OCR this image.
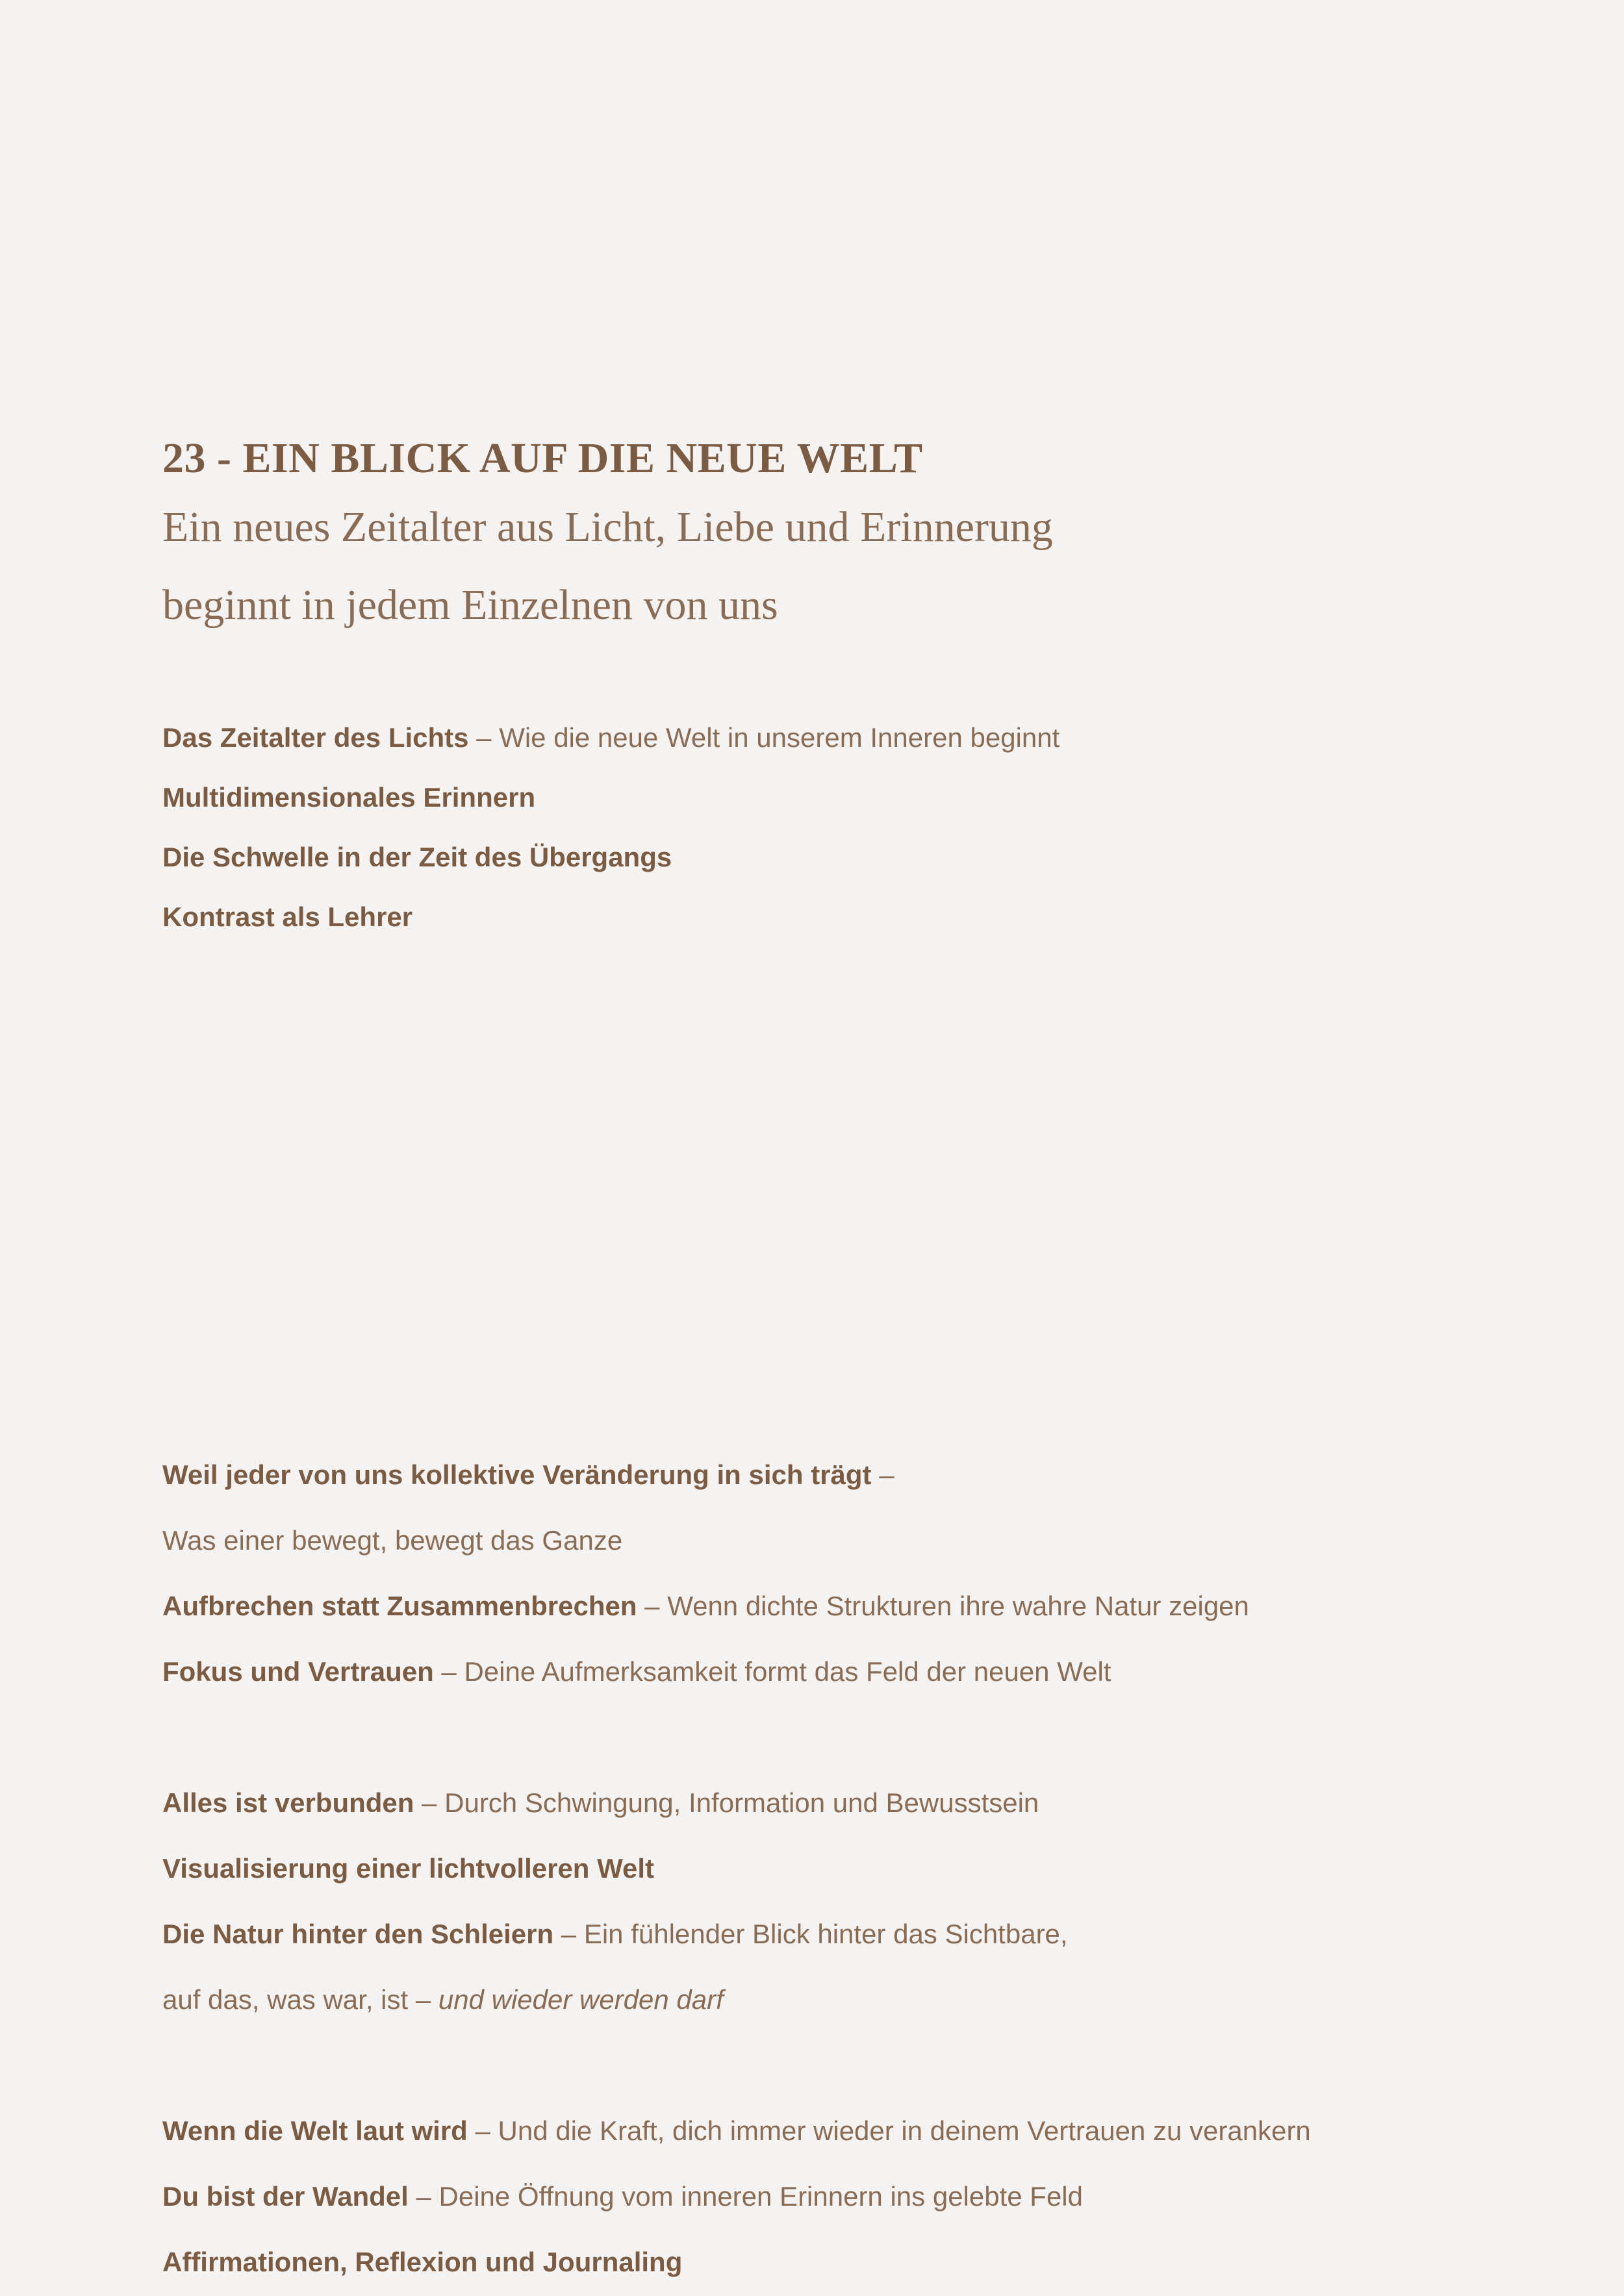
23 - EIN BLICK AUF DIE NEUE WELT

Ein neues Zeitalter aus Licht, Liebe und Erinnerung

beginnt in jedem Einzelnen von uns

Das Zeitalter des Lichts – Wie die neue Welt in unserem Inneren beginnt
Multidimensionales Erinnern
Die Schwelle in der Zeit des Übergangs
Kontrast als Lehrer
Weil jeder von uns kollektive Veränderung in sich trägt –
Was einer bewegt, bewegt das Ganze
Aufbrechen statt Zusammenbrechen – Wenn dichte Strukturen ihre wahre Natur zeigen
Fokus und Vertrauen – Deine Aufmerksamkeit formt das Feld der neuen Welt
Alles ist verbunden – Durch Schwingung, Information und Bewusstsein
Visualisierung einer lichtvolleren Welt
Die Natur hinter den Schleiern – Ein fühlender Blick hinter das Sichtbare,
auf das, was war, ist – und wieder werden darf
Wenn die Welt laut wird – Und die Kraft, dich immer wieder in deinem Vertrauen zu verankern
Du bist der Wandel – Deine Öffnung vom inneren Erinnern ins gelebte Feld
Affirmationen, Reflexion und Journaling
